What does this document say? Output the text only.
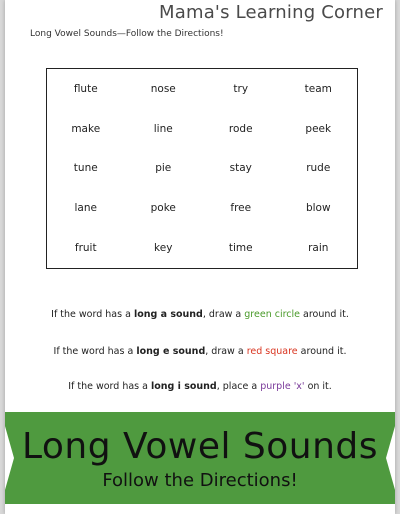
Mama's Learning Corner
Long Vowel Sounds—Follow the Directions!
flute	nose	try	team
make	line	rode	peek
tune	pie	stay	rude
lane	poke	free	blow
fruit	key	time	rain
If the word has a long a sound, draw a green circle around it.
If the word has a long e sound, draw a red square around it.
If the word has a long i sound, place a purple 'x' on it.
Long Vowel Sounds
Follow the Directions!
